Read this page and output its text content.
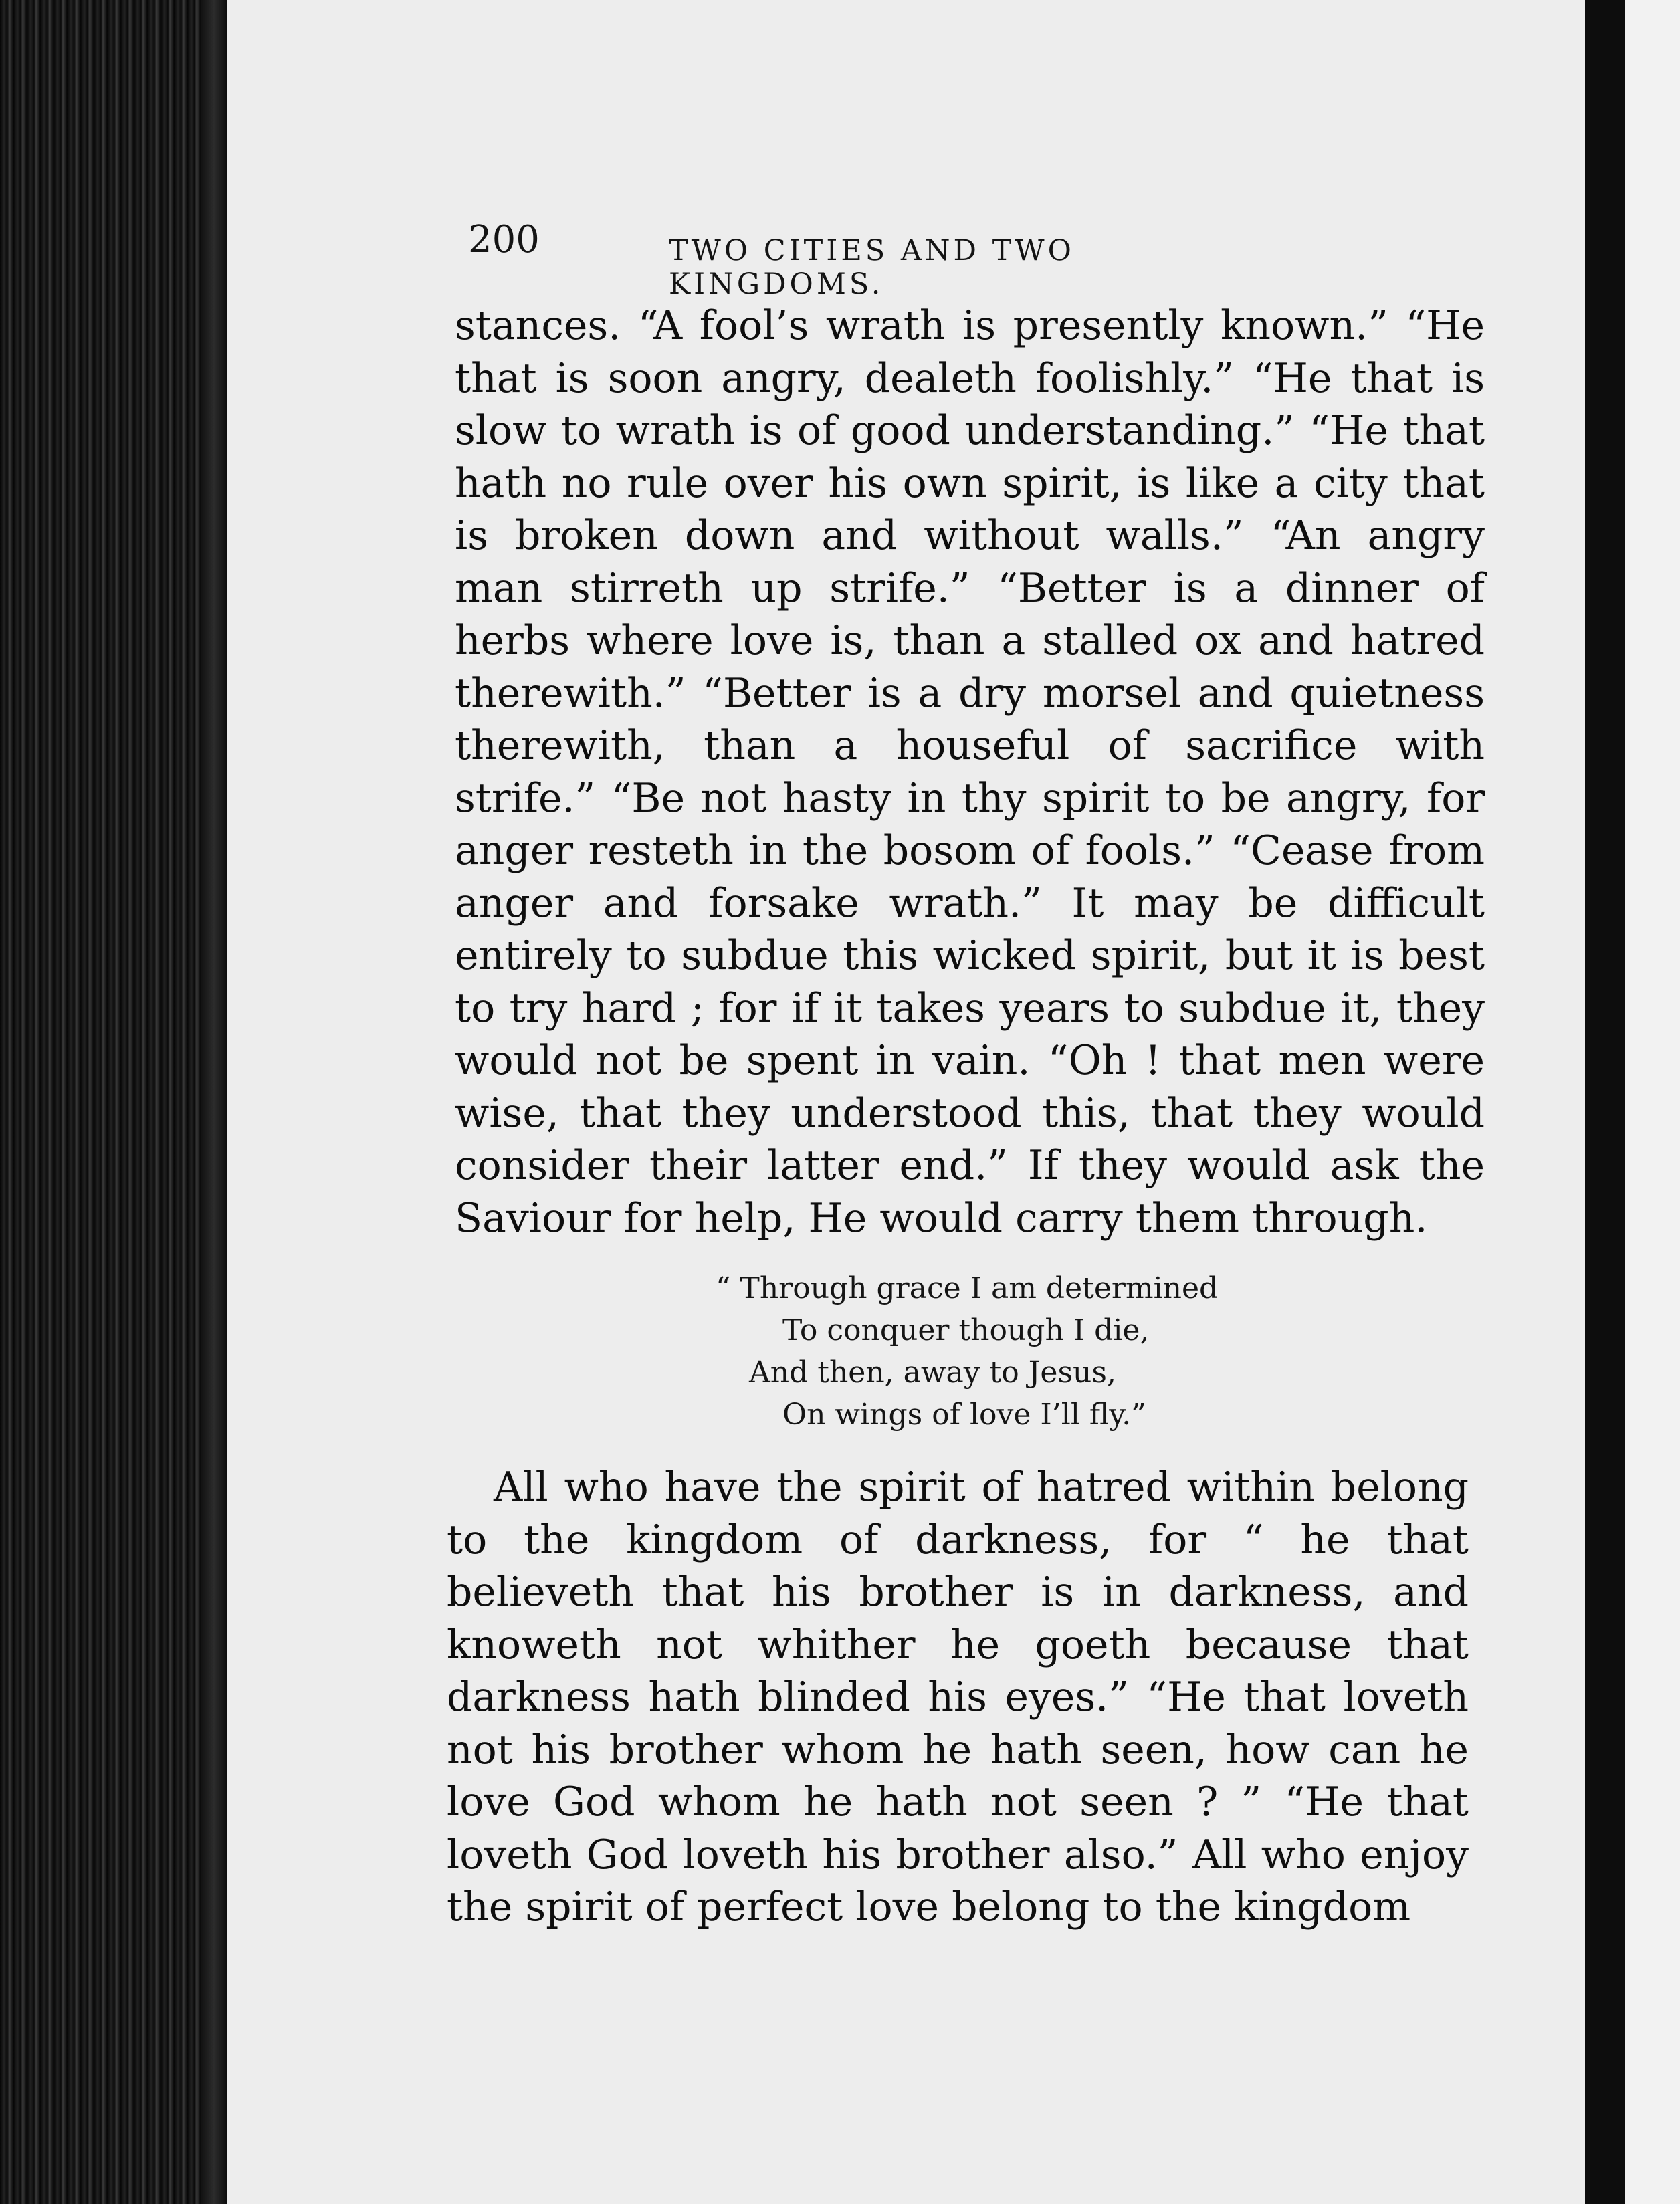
200	TWO CITIES AND TWO KINGDOMS.

stances. “A fool’s wrath is presently known.” “He that is soon angry, dealeth foolishly.” “He that is slow to wrath is of good understanding.” “He that hath no rule over his own spirit, is like a city that is broken down and without walls.” “An angry man stirreth up strife.” “Better is a dinner of herbs where love is, than a stalled ox and hatred therewith.” “Better is a dry morsel and quietness therewith, than a houseful of sacrifice with strife.” “Be not hasty in thy spirit to be angry, for anger resteth in the bosom of fools.” “Cease from anger and forsake wrath.” It may be difficult entirely to subdue this wicked spirit, but it is best to try hard ; for if it takes years to subdue it, they would not be spent in vain. “Oh ! that men were wise, that they understood this, that they would consider their latter end.” If they would ask the Saviour for help, He would carry them through.

“ Through grace I am determined
To conquer though I die,
And then, away to Jesus,
On wings of love I’ll fly.”

All who have the spirit of hatred within belong to the kingdom of darkness, for “ he that believeth that his brother is in darkness, and knoweth not whither he goeth because that darkness hath blinded his eyes.” “He that loveth not his brother whom he hath seen, how can he love God whom he hath not seen ? ” “He that loveth God loveth his brother also.” All who enjoy the spirit of perfect love belong to the kingdom
